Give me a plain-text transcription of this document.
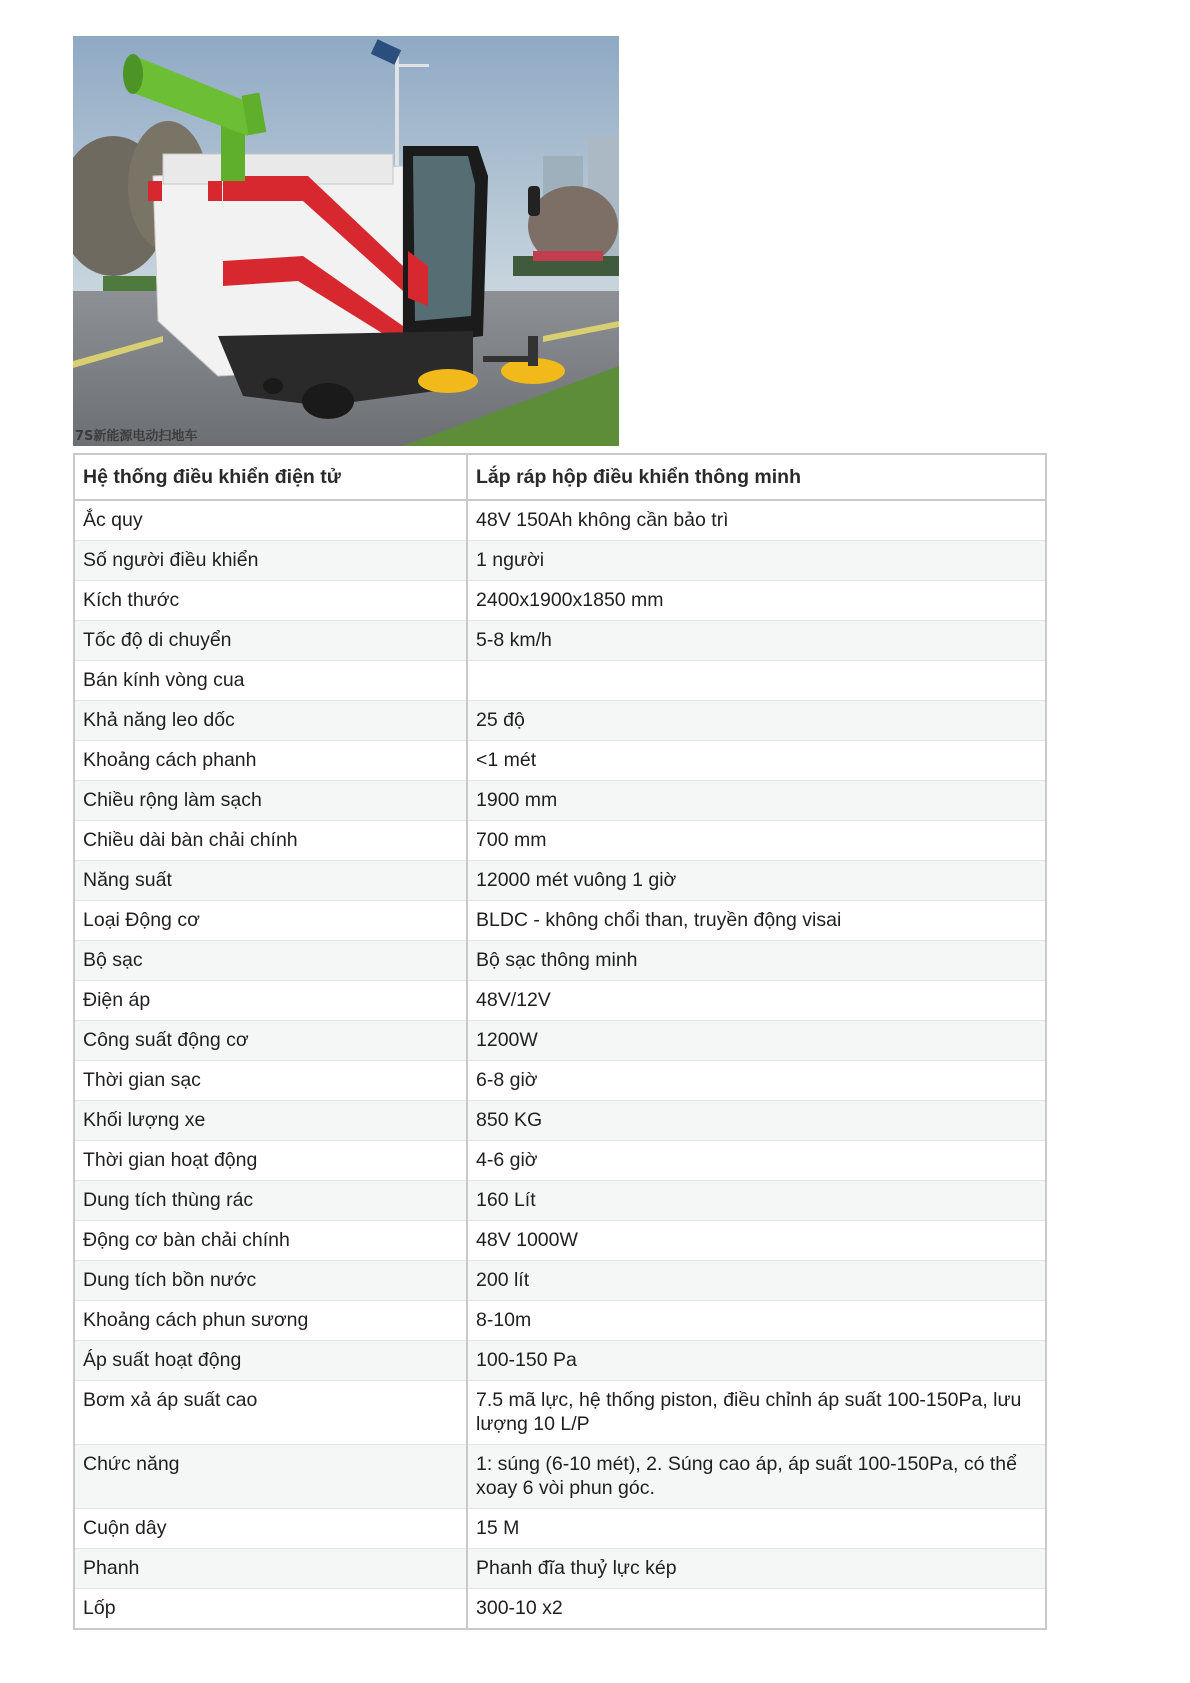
7S新能源电动扫地车
Hệ thống điều khiển điện tử	Lắp ráp hộp điều khiển thông minh

Ắc quy	48V 150Ah không cần bảo trì

Số người điều khiển	1 người

Kích thước	2400x1900x1850 mm

Tốc độ di chuyển	5-8 km/h

Bán kính vòng cua	

Khả năng leo dốc	25 độ

Khoảng cách phanh	<1 mét

Chiều rộng làm sạch	1900 mm

Chiều dài bàn chải chính	700 mm

Năng suất	12000 mét vuông 1 giờ

Loại Động cơ	BLDC - không chổi than, truyền động visai

Bộ sạc	Bộ sạc thông minh

Điện áp	48V/12V

Công suất động cơ	1200W

Thời gian sạc	6-8 giờ

Khối lượng xe	850 KG

Thời gian hoạt động	4-6 giờ

Dung tích thùng rác	160 Lít

Động cơ bàn chải chính	48V 1000W

Dung tích bồn nước	200 lít

Khoảng cách phun sương	8-10m

Áp suất hoạt động	100-150 Pa

Bơm xả áp suất cao	7.5 mã lực, hệ thống piston, điều chỉnh áp suất 100-150Pa, lưu lượng 10 L/P

Chức năng	1: súng (6-10 mét), 2. Súng cao áp, áp suất 100-150Pa, có thể xoay 6 vòi phun góc.

Cuộn dây	15 M

Phanh	Phanh đĩa thuỷ lực kép

Lốp	300-10 x2
